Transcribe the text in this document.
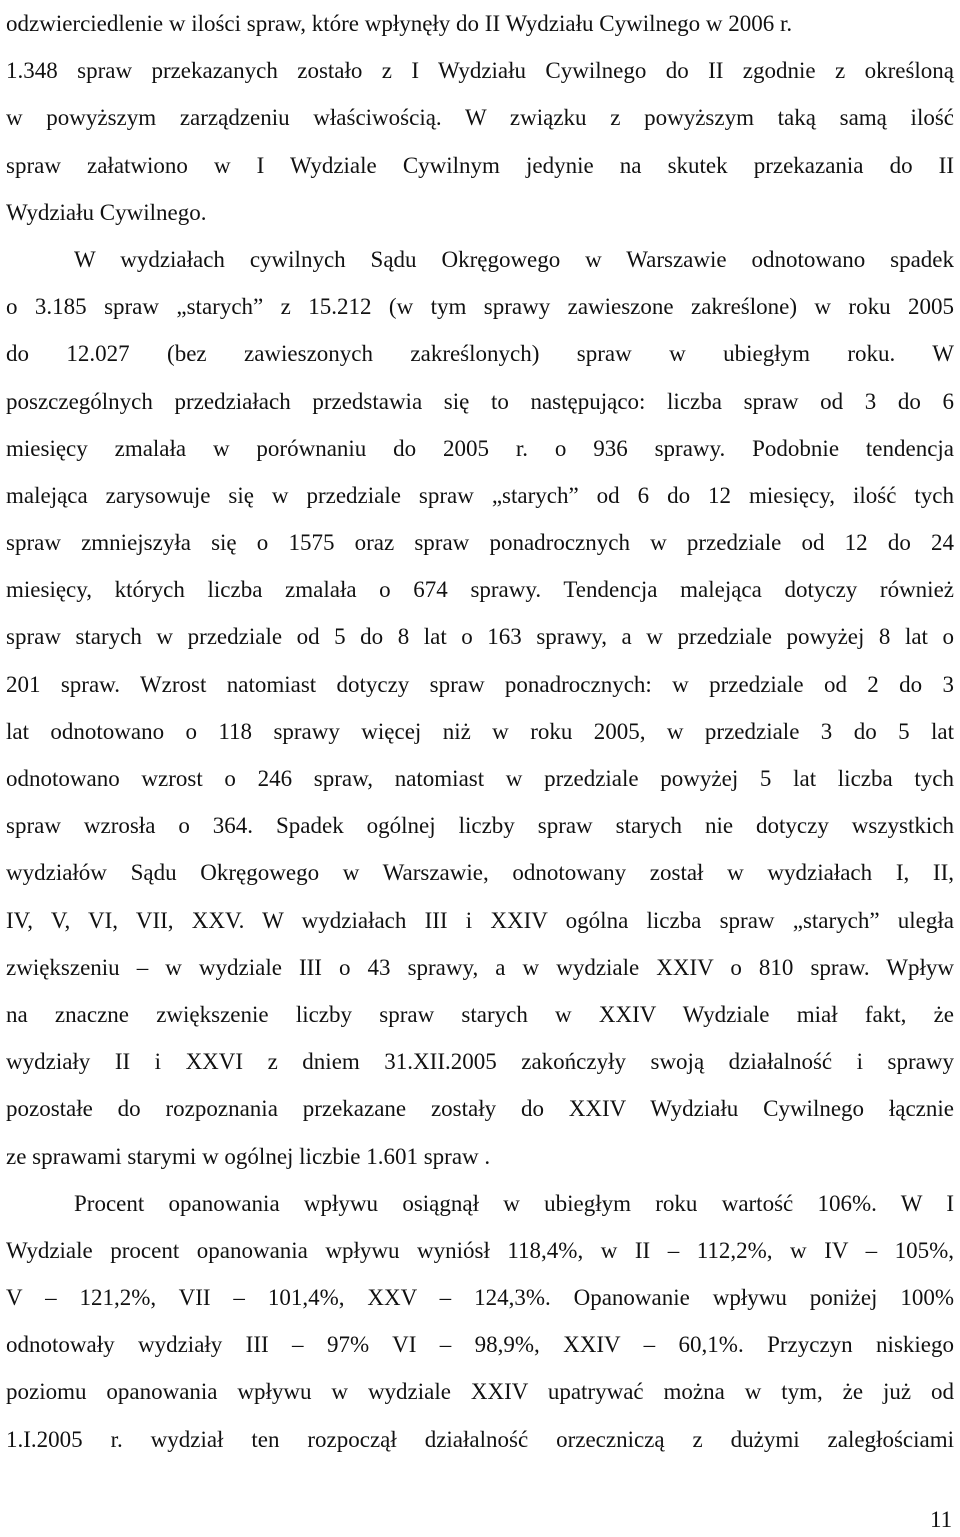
odzwierciedlenie w ilości spraw, które wpłynęły do II Wydziału Cywilnego w 2006 r.
1.348 spraw przekazanych zostało z I Wydziału Cywilnego do II zgodnie z określoną
w powyższym zarządzeniu właściwością. W związku z powyższym taką samą ilość
spraw załatwiono w I Wydziale Cywilnym jedynie na skutek przekazania do II
Wydziału Cywilnego.
W wydziałach cywilnych Sądu Okręgowego w Warszawie odnotowano spadek
o 3.185 spraw „starych” z 15.212 (w tym sprawy zawieszone zakreślone) w roku 2005
do 12.027 (bez zawieszonych zakreślonych) spraw w ubiegłym roku. W
poszczególnych przedziałach przedstawia się to następująco: liczba spraw od 3 do 6
miesięcy zmalała w porównaniu do 2005 r. o 936 sprawy. Podobnie tendencja
malejąca zarysowuje się w przedziale spraw „starych” od 6 do 12 miesięcy, ilość tych
spraw zmniejszyła się o 1575 oraz spraw ponadrocznych w przedziale od 12 do 24
miesięcy, których liczba zmalała o 674 sprawy. Tendencja malejąca dotyczy również
spraw starych w przedziale od 5 do 8 lat o 163 sprawy, a w przedziale powyżej 8 lat o
201 spraw. Wzrost natomiast dotyczy spraw ponadrocznych: w przedziale od 2 do 3
lat odnotowano o 118 sprawy więcej niż w roku 2005, w przedziale 3 do 5 lat
odnotowano wzrost o 246 spraw, natomiast w przedziale powyżej 5 lat liczba tych
spraw wzrosła o 364. Spadek ogólnej liczby spraw starych nie dotyczy wszystkich
wydziałów Sądu Okręgowego w Warszawie, odnotowany został w wydziałach I, II,
IV, V, VI, VII, XXV. W wydziałach III i XXIV ogólna liczba spraw „starych” uległa
zwiększeniu – w wydziale III o 43 sprawy, a w wydziale XXIV o 810 spraw. Wpływ
na znaczne zwiększenie liczby spraw starych w XXIV Wydziale miał fakt, że
wydziały II i XXVI z dniem 31.XII.2005 zakończyły swoją działalność i sprawy
pozostałe do rozpoznania przekazane zostały do XXIV Wydziału Cywilnego łącznie
ze sprawami starymi w ogólnej liczbie 1.601 spraw .
Procent opanowania wpływu osiągnął w ubiegłym roku wartość 106%. W I
Wydziale procent opanowania wpływu wyniósł 118,4%, w II – 112,2%, w IV – 105%,
V – 121,2%, VII – 101,4%, XXV – 124,3%. Opanowanie wpływu poniżej 100%
odnotowały wydziały III – 97% VI – 98,9%, XXIV – 60,1%. Przyczyn niskiego
poziomu opanowania wpływu w wydziale XXIV upatrywać można w tym, że już od
1.I.2005 r. wydział ten rozpoczął działalność orzeczniczą z dużymi zaległościami
11
